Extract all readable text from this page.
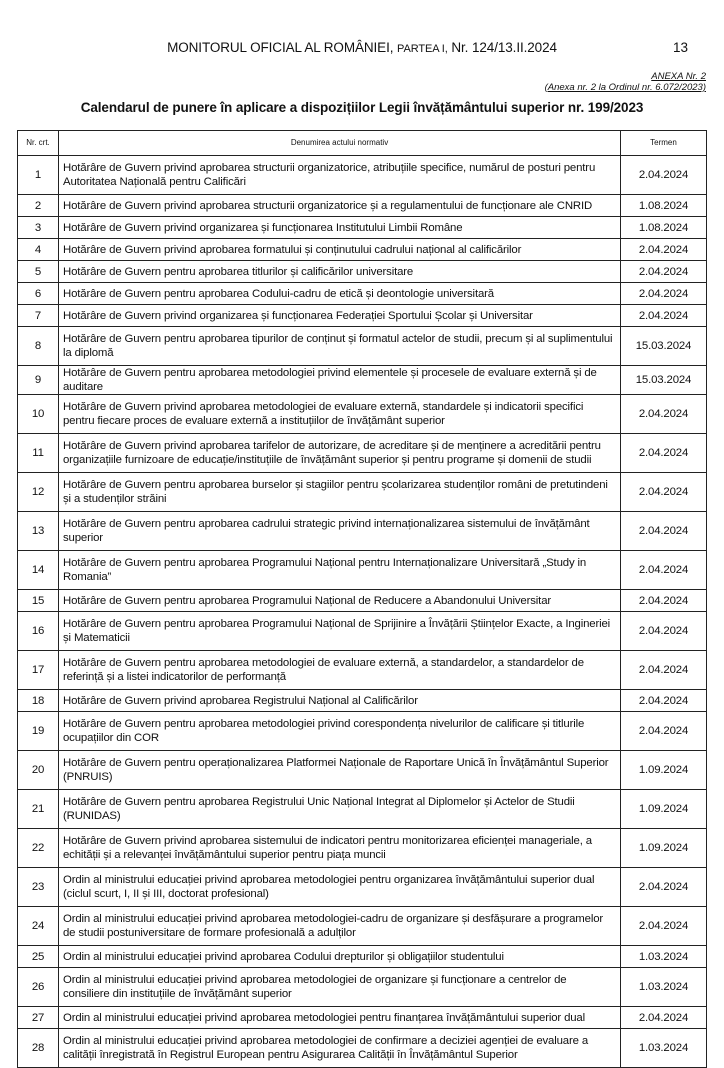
MONITORUL OFICIAL AL ROMÂNIEI, PARTEA I, Nr. 124/13.II.2024	13
ANEXA Nr. 2
(Anexa nr. 2 la Ordinul nr. 6.072/2023)
Calendarul de punere în aplicare a dispozițiilor Legii învățământului superior nr. 199/2023
Nr. crt.	Denumirea actului normativ	Termen
1	Hotărâre de Guvern privind aprobarea structurii organizatorice, atribuțiile specifice, numărul de posturi pentru Autoritatea Națională pentru Calificări	2.04.2024
2	Hotărâre de Guvern privind aprobarea structurii organizatorice și a regulamentului de funcționare ale CNRID	1.08.2024
3	Hotărâre de Guvern privind organizarea și funcționarea Institutului Limbii Române	1.08.2024
4	Hotărâre de Guvern privind aprobarea formatului și conținutului cadrului național al calificărilor	2.04.2024
5	Hotărâre de Guvern pentru aprobarea titlurilor și calificărilor universitare	2.04.2024
6	Hotărâre de Guvern pentru aprobarea Codului-cadru de etică și deontologie universitară	2.04.2024
7	Hotărâre de Guvern privind organizarea și funcționarea Federației Sportului Școlar și Universitar	2.04.2024
8	Hotărâre de Guvern pentru aprobarea tipurilor de conținut și formatul actelor de studii, precum și al suplimentului la diplomă	15.03.2024
9	Hotărâre de Guvern pentru aprobarea metodologiei privind elementele și procesele de evaluare externă și de auditare	15.03.2024
10	Hotărâre de Guvern privind aprobarea metodologiei de evaluare externă, standardele și indicatorii specifici pentru fiecare proces de evaluare externă a instituțiilor de învățământ superior	2.04.2024
11	Hotărâre de Guvern privind aprobarea tarifelor de autorizare, de acreditare și de menținere a acreditării pentru organizațiile furnizoare de educație/instituțiile de învățământ superior și pentru programe și domenii de studii	2.04.2024
12	Hotărâre de Guvern pentru aprobarea burselor și stagiilor pentru școlarizarea studenților români de pretutindeni și a studenților străini	2.04.2024
13	Hotărâre de Guvern pentru aprobarea cadrului strategic privind internaționalizarea sistemului de învățământ superior	2.04.2024
14	Hotărâre de Guvern pentru aprobarea Programului Național pentru Internaționalizare Universitară „Study in Romania”	2.04.2024
15	Hotărâre de Guvern pentru aprobarea Programului Național de Reducere a Abandonului Universitar	2.04.2024
16	Hotărâre de Guvern pentru aprobarea Programului Național de Sprijinire a Învățării Științelor Exacte, a Ingineriei și Matematicii	2.04.2024
17	Hotărâre de Guvern pentru aprobarea metodologiei de evaluare externă, a standardelor, a standardelor de referință și a listei indicatorilor de performanță	2.04.2024
18	Hotărâre de Guvern privind aprobarea Registrului Național al Calificărilor	2.04.2024
19	Hotărâre de Guvern pentru aprobarea metodologiei privind corespondența nivelurilor de calificare și titlurile ocupațiilor din COR	2.04.2024
20	Hotărâre de Guvern pentru operaționalizarea Platformei Naționale de Raportare Unică în Învățământul Superior (PNRUIS)	1.09.2024
21	Hotărâre de Guvern pentru aprobarea Registrului Unic Național Integrat al Diplomelor și Actelor de Studii (RUNIDAS)	1.09.2024
22	Hotărâre de Guvern privind aprobarea sistemului de indicatori pentru monitorizarea eficienței manageriale, a echității și a relevanței învățământului superior pentru piața muncii	1.09.2024
23	Ordin al ministrului educației privind aprobarea metodologiei pentru organizarea învățământului superior dual (ciclul scurt, I, II și III, doctorat profesional)	2.04.2024
24	Ordin al ministrului educației privind aprobarea metodologiei-cadru de organizare și desfășurare a programelor de studii postuniversitare de formare profesională a adulților	2.04.2024
25	Ordin al ministrului educației privind aprobarea Codului drepturilor și obligațiilor studentului	1.03.2024
26	Ordin al ministrului educației privind aprobarea metodologiei de organizare și funcționare a centrelor de consiliere din instituțiile de învățământ superior	1.03.2024
27	Ordin al ministrului educației privind aprobarea metodologiei pentru finanțarea învățământului superior dual	2.04.2024
28	Ordin al ministrului educației privind aprobarea metodologiei de confirmare a deciziei agenției de evaluare a calității înregistrată în Registrul European pentru Asigurarea Calității în Învățământul Superior	1.03.2024
